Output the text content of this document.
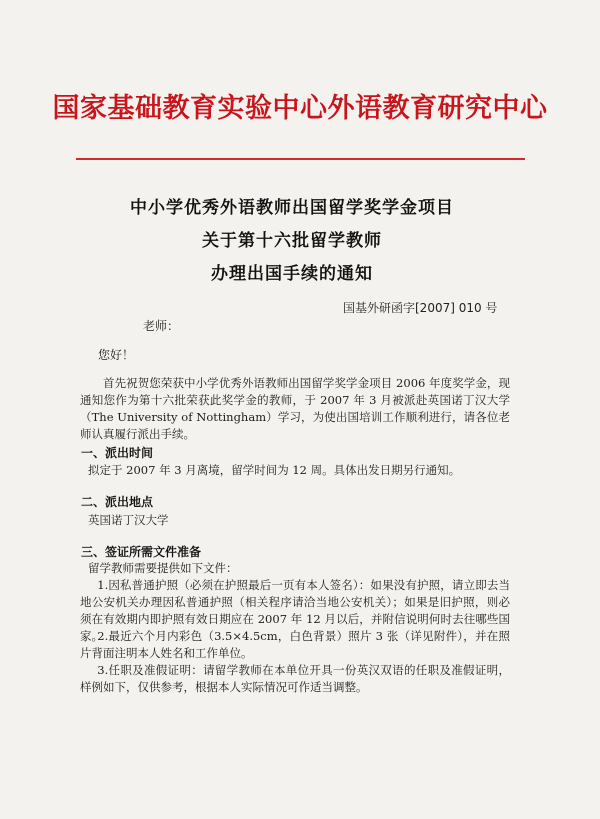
国家基础教育实验中心外语教育研究中心
中小学优秀外语教师出国留学奖学金项目
关于第十六批留学教师
办理出国手续的通知
国基外研函字[2007] 010 号
老师：
您好！
首先祝贺您荣获中小学优秀外语教师出国留学奖学金项目 2006 年度奖学金，现通知您作为第十六批荣获此奖学金的教师，于 2007 年 3 月被派赴英国诺丁汉大学（The University of Nottingham）学习，为使出国培训工作顺利进行，请各位老师认真履行派出手续。
一、派出时间
拟定于 2007 年 3 月离境，留学时间为 12 周。具体出发日期另行通知。
二、派出地点
英国诺丁汉大学
三、签证所需文件准备
留学教师需要提供如下文件：
1.因私普通护照（必须在护照最后一页有本人签名）：如果没有护照，请立即去当地公安机关办理因私普通护照（相关程序请洽当地公安机关）；如果是旧护照，则必须在有效期内即护照有效日期应在 2007 年 12 月以后，并附信说明何时去往哪些国家。
2.最近六个月内彩色（3.5×4.5cm，白色背景）照片 3 张（详见附件），并在照片背面注明本人姓名和工作单位。
3.任职及准假证明：请留学教师在本单位开具一份英汉双语的任职及准假证明，样例如下，仅供参考，根据本人实际情况可作适当调整。
